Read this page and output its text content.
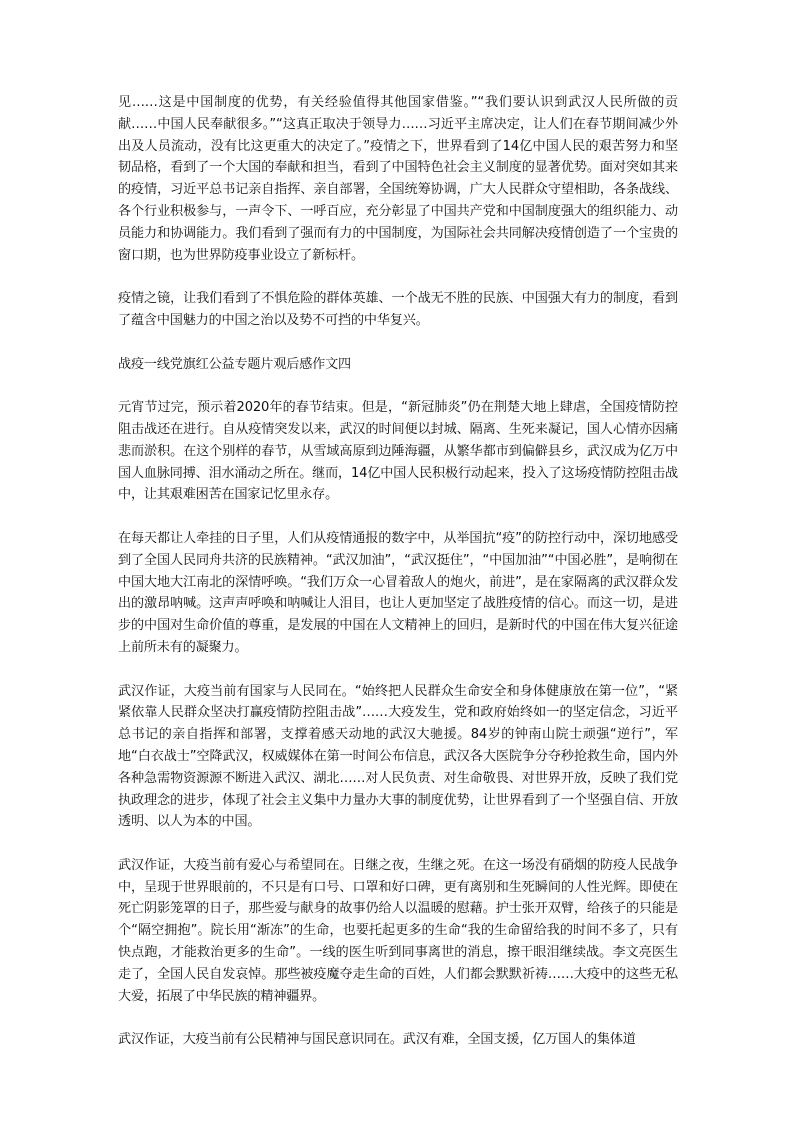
见……这是中国制度的优势，有关经验值得其他国家借鉴。”“我们要认识到武汉人民所做的贡献……中国人民奉献很多。”“这真正取决于领导力……习近平主席决定，让人们在春节期间减少外出及人员流动，没有比这更重大的决定了。”疫情之下，世界看到了14亿中国人民的艰苦努力和坚韧品格，看到了一个大国的奉献和担当，看到了中国特色社会主义制度的显著优势。面对突如其来的疫情，习近平总书记亲自指挥、亲自部署，全国统筹协调，广大人民群众守望相助，各条战线、各个行业积极参与，一声令下、一呼百应，充分彰显了中国共产党和中国制度强大的组织能力、动员能力和协调能力。我们看到了强而有力的中国制度，为国际社会共同解决疫情创造了一个宝贵的窗口期，也为世界防疫事业设立了新标杆。

疫情之镜，让我们看到了不惧危险的群体英雄、一个战无不胜的民族、中国强大有力的制度，看到了蕴含中国魅力的中国之治以及势不可挡的中华复兴。

战疫一线党旗红公益专题片观后感作文四

元宵节过完，预示着2020年的春节结束。但是，“新冠肺炎”仍在荆楚大地上肆虐，全国疫情防控阻击战还在进行。自从疫情突发以来，武汉的时间便以封城、隔离、生死来凝记，国人心情亦因痛悲而淤积。在这个别样的春节，从雪域高原到边陲海疆，从繁华都市到偏僻县乡，武汉成为亿万中国人血脉同搏、泪水涌动之所在。继而，14亿中国人民积极行动起来，投入了这场疫情防控阻击战中，让其艰难困苦在国家记忆里永存。

在每天都让人牵挂的日子里，人们从疫情通报的数字中，从举国抗“疫”的防控行动中，深切地感受到了全国人民同舟共济的民族精神。“武汉加油”，“武汉挺住”，“中国加油”“中国必胜”，是响彻在中国大地大江南北的深情呼唤。“我们万众一心冒着敌人的炮火，前进”，是在家隔离的武汉群众发出的激昂呐喊。这声声呼唤和呐喊让人泪目，也让人更加坚定了战胜疫情的信心。而这一切，是进步的中国对生命价值的尊重，是发展的中国在人文精神上的回归，是新时代的中国在伟大复兴征途上前所未有的凝聚力。

武汉作证，大疫当前有国家与人民同在。“始终把人民群众生命安全和身体健康放在第一位”，“紧紧依靠人民群众坚决打赢疫情防控阻击战”……大疫发生，党和政府始终如一的坚定信念，习近平总书记的亲自指挥和部署，支撑着感天动地的武汉大驰援。84岁的钟南山院士顽强“逆行”，军地“白衣战士”空降武汉，权威媒体在第一时间公布信息，武汉各大医院争分夺秒抢救生命，国内外各种急需物资源源不断进入武汉、湖北……对人民负责、对生命敬畏、对世界开放，反映了我们党执政理念的进步，体现了社会主义集中力量办大事的制度优势，让世界看到了一个坚强自信、开放透明、以人为本的中国。

武汉作证，大疫当前有爱心与希望同在。日继之夜，生继之死。在这一场没有硝烟的防疫人民战争中，呈现于世界眼前的，不只是有口号、口罩和好口碑，更有离别和生死瞬间的人性光辉。即使在死亡阴影笼罩的日子，那些爱与献身的故事仍给人以温暖的慰藉。护士张开双臂，给孩子的只能是个“隔空拥抱”。院长用“渐冻”的生命，也要托起更多的生命“我的生命留给我的时间不多了，只有快点跑，才能救治更多的生命”。一线的医生听到同事离世的消息，擦干眼泪继续战。李文亮医生走了，全国人民自发哀悼。那些被疫魔夺走生命的百姓，人们都会默默祈祷……大疫中的这些无私大爱，拓展了中华民族的精神疆界。

武汉作证，大疫当前有公民精神与国民意识同在。武汉有难，全国支援，亿万国人的集体道
